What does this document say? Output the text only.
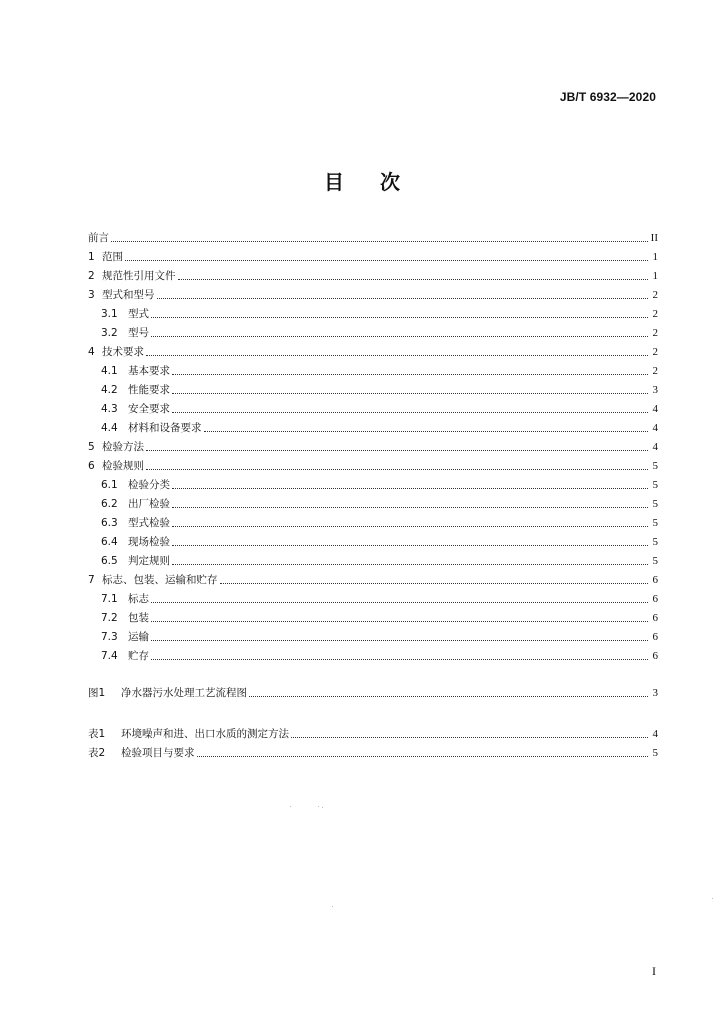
JB/T 6932—2020
目 次
前言	II
1 范围	1
2 规范性引用文件	1
3 型式和型号	2
3.1 型式	2
3.2 型号	2
4 技术要求	2
4.1 基本要求	2
4.2 性能要求	3
4.3 安全要求	4
4.4 材料和设备要求	4
5 检验方法	4
6 检验规则	5
6.1 检验分类	5
6.2 出厂检验	5
6.3 型式检验	5
6.4 现场检验	5
6.5 判定规则	5
7 标志、包装、运输和贮存	6
7.1 标志	6
7.2 包装	6
7.3 运输	6
7.4 贮存	6
图1	净水器污水处理工艺流程图	3
表1	环境噪声和进、出口水质的测定方法	4
表2	检验项目与要求	5
I
